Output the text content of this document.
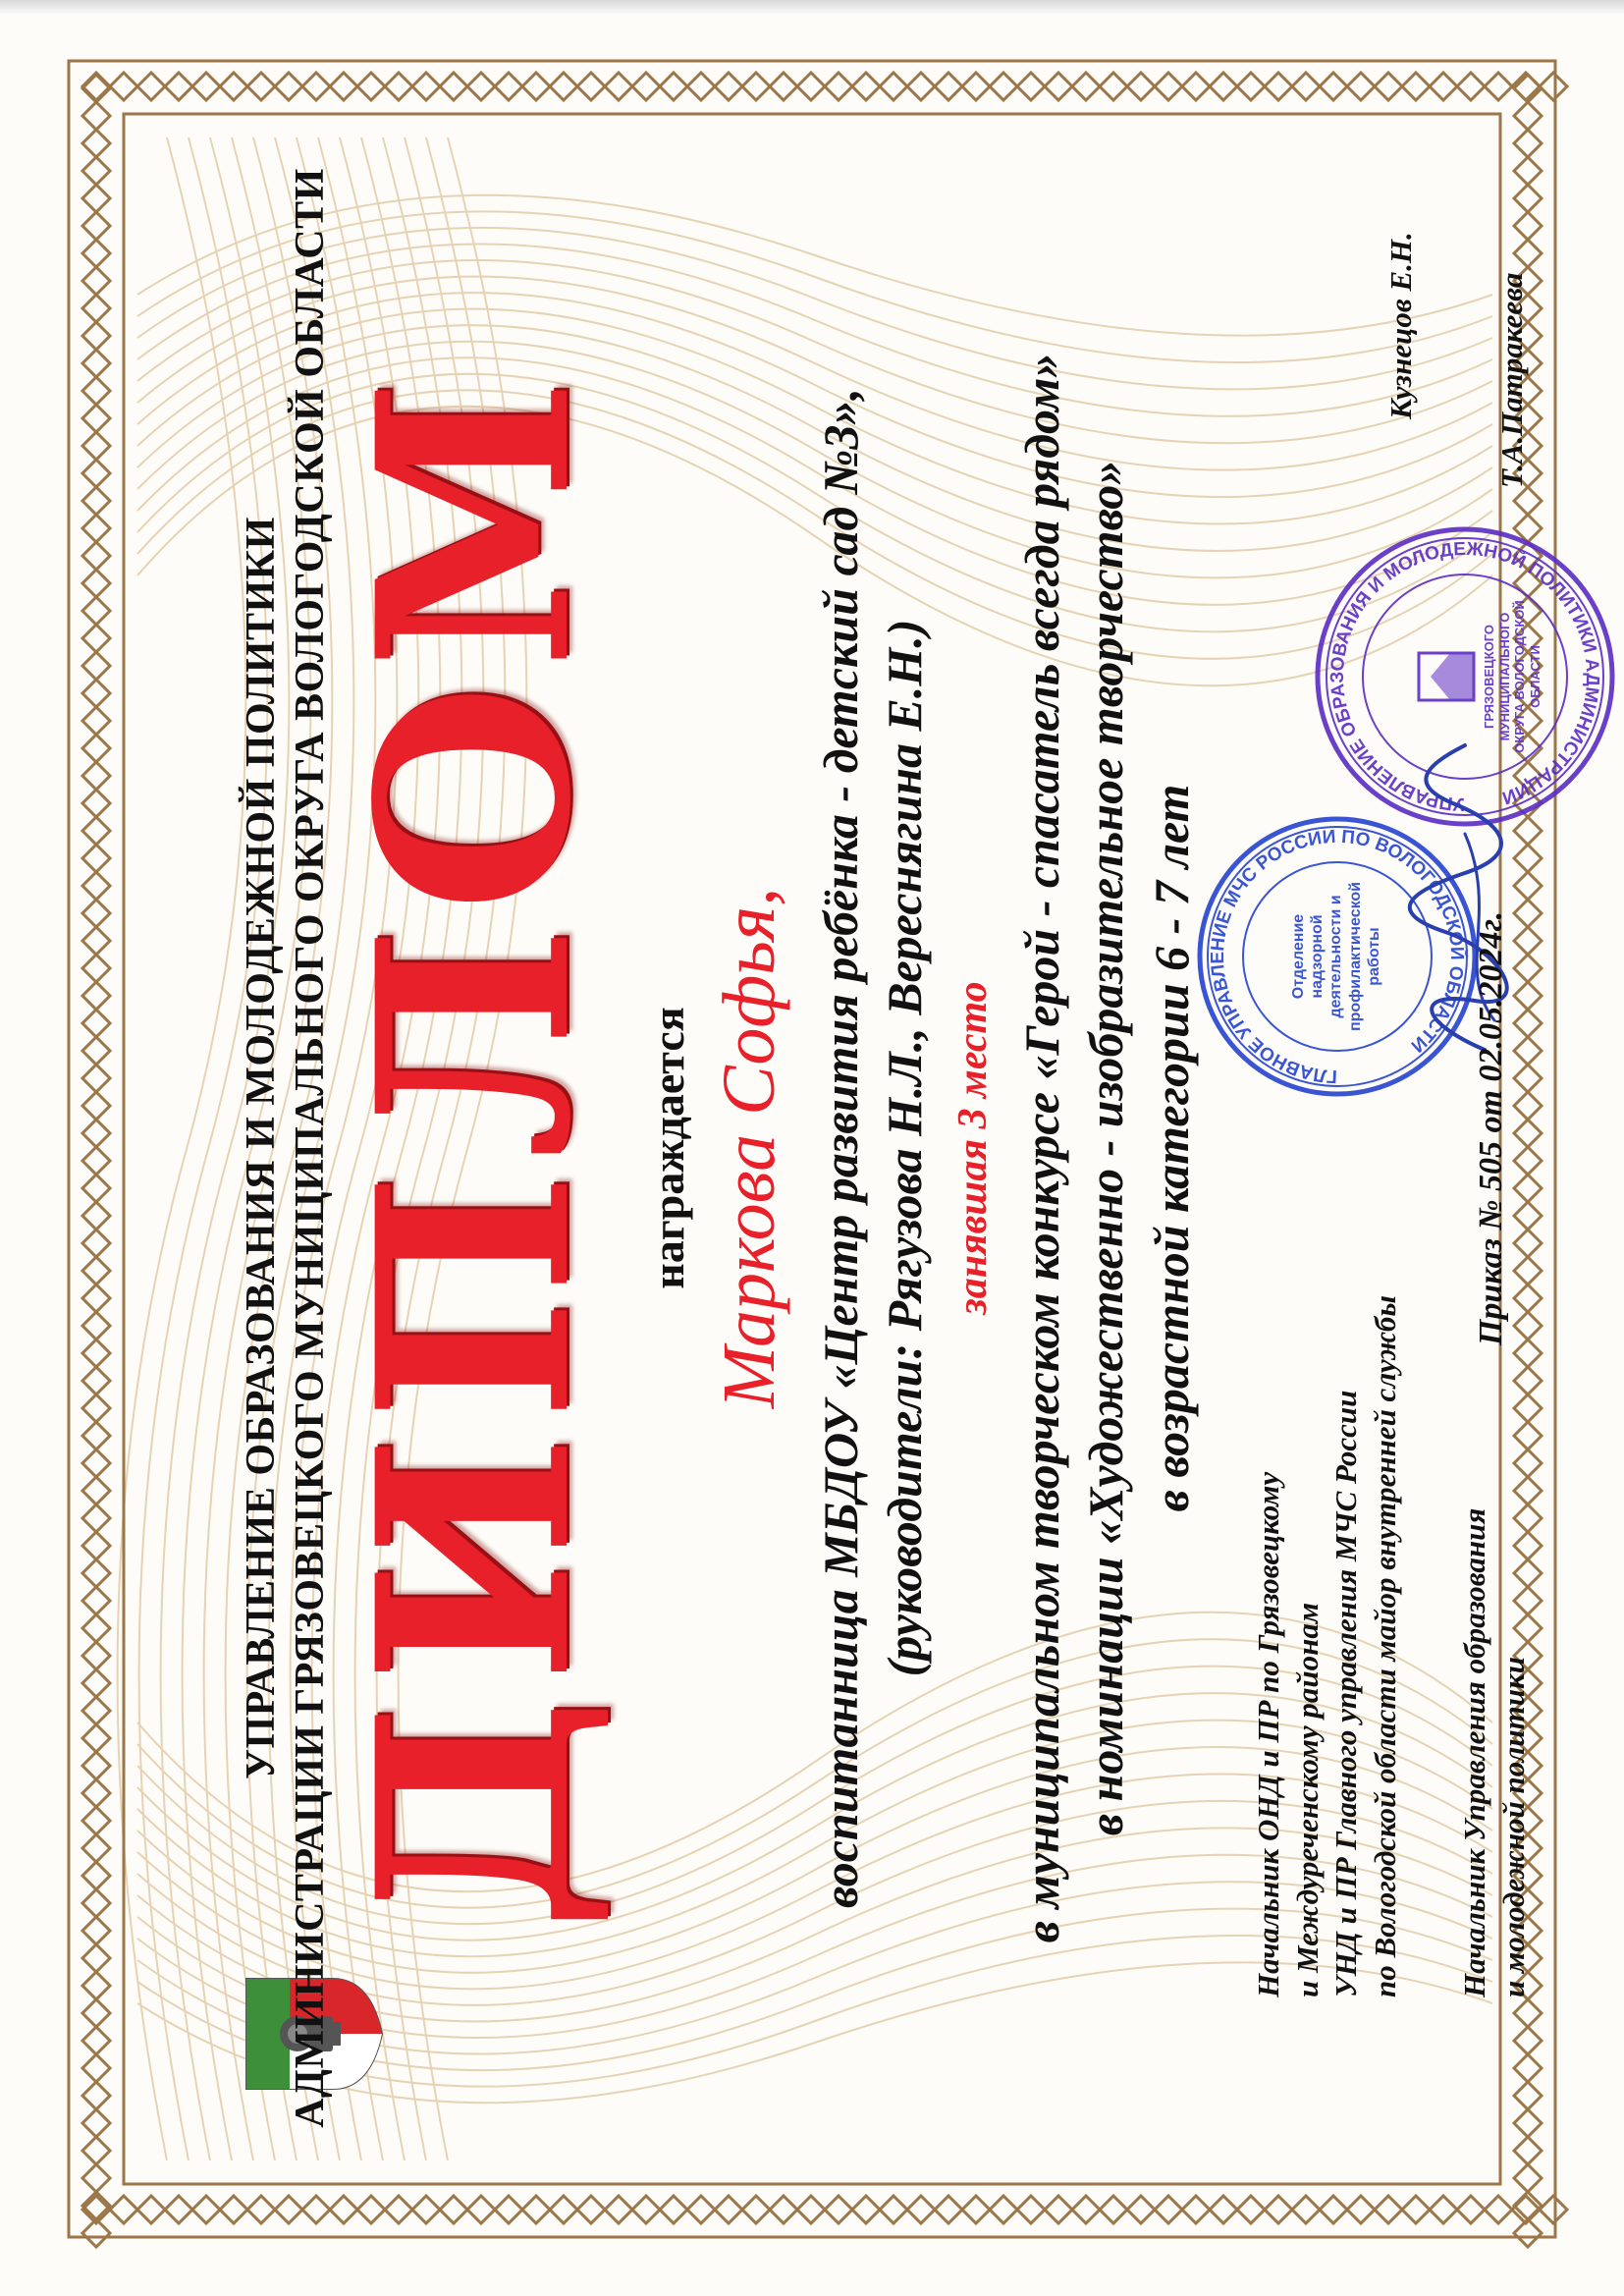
УПРАВЛЕНИЕ ОБРАЗОВАНИЯ И МОЛОДЕЖНОЙ ПОЛИТИКИ АДМИНИСТРАЦИИ ГРЯЗОВЕЦКОГО МУНИЦИПАЛЬНОГО ОКРУГА ВОЛОГОДСКОЙ ОБЛАСТИ
ДИПЛОМ награждается Маркова Софья, воспитанница МБДОУ «Центр развития ребёнка - детский сад №3», (руководители: Рягузова Н.Л., Вереснягина Е.Н.) занявшая 3 место в муниципальном творческом конкурсе «Герой - спасатель всегда рядом» в номинации «Художественно - изобразительное творчество» в возрастной категории 6 - 7 лет
Начальник ОНД и ПР по Грязовецкому и Междуреченскому районам УНД и ПР Главного управления МЧС России по Вологодской области майор внутренней службы
Кузнецов Е.Н.
Начальник Управления образования и молодежной политики
Т.А.Патракеева
ГЛАВНОЕ УПРАВЛЕНИЕ МЧС РОССИИ ПО ВОЛОГОДСКОЙ ОБЛАСТИ
Отделение надзорной деятельности и профилактической работы
УПРАВЛЕНИЕ ОБРАЗОВАНИЯ И МОЛОДЕЖНОЙ ПОЛИТИКИ АДМИНИСТРАЦИИ
ГРЯЗОВЕЦКОГО МУНИЦИПАЛЬНОГО ОКРУГА ВОЛОГОДСКОЙ ОБЛАСТИ
Приказ № 505 от 02.05.2024г.
